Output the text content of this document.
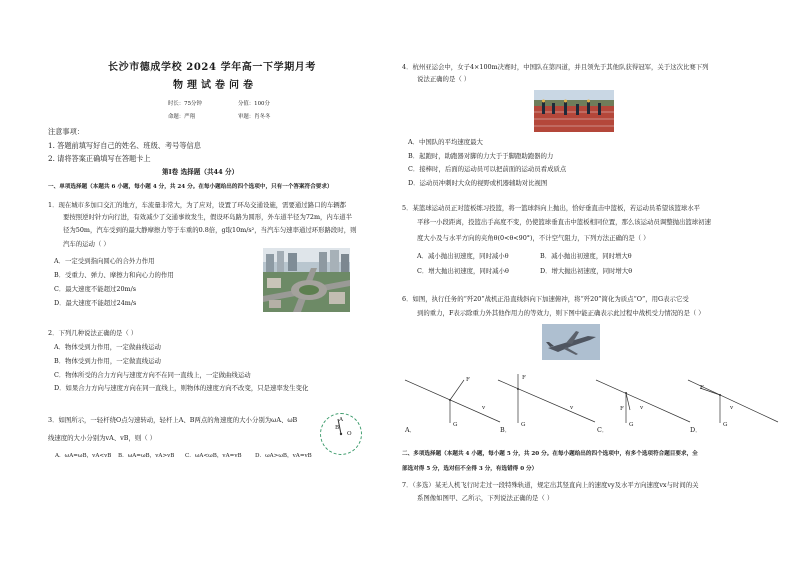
长沙市德成学校 2024 学年高一下学期月考
物理试卷问卷
时长：75分钟	分值：100分
命题：严翔	审题：肖冬冬
注意事项：
1. 答题前填写好自己的姓名、班级、考号等信息
2. 请将答案正确填写在答题卡上
第Ⅰ卷 选择题（共44 分）
一、单项选择题（本题共 6 小题，每小题 4 分，共 24 分。在每小题给出的四个选项中，只有一个答案符合要求）
1．现在城市多加口交汇的地方，车流量非常大，为了应对，设置了环岛交通设施，需要通过路口的车辆都
要按照逆时针方向行进，有效减少了交通事故发生，假设环岛路为圆形，外车道半径为72m，内车道半
径为50m，汽车受到的最大静摩擦力等于车重的0.8倍，g取10m/s²，当汽车匀速率通过环形路段时，则
汽车的运动（ ）
A．一定受到指向圆心的合外力作用
B．受重力、弹力、摩擦力和向心力的作用
C．最大速度不能超过20m/s
D．最大速度不能超过24m/s
2．下列几种说法正确的是（ ）
A．物体受到力作用，一定做曲线运动
B．物体受到力作用，一定做直线运动
C．物体所受的合力方向与速度方向不在同一直线上，一定做曲线运动
D．如果合力方向与速度方向在同一直线上，则物体的速度方向不改变，只是速率发生变化
3．如图所示，一轻杆绕O点匀速转动，轻杆上A、B两点的角速度的大小分别为ωA、ωB
线速度的大小分别为vA、vB，则（ ）
A．ωA=ωB，vA<vB B．ωA=ωB，vA>vB C．ωA<ωB，vA=vB D．ωA>ωB，vA=vB
A
B
O
4．杭州亚运会中，女子4×100m决赛时，中国队在第四道，并且领先于其他队获得冠军，关于这次比赛下列
说法正确的是（ ）
A．中国队的平均速度最大
B．起跑时，助跑器对脚的力大于于脚蹬助跑器的力
C．接棒时，后面的运动员可以把前面的运动员看成质点
D．运动员冲刺时大众的视野或机器辅助对比视图
5．某篮球运动员正对篮板练习投篮，将一篮球斜向上抛出，恰好垂直击中篮板，若运动员希望该篮球水平
平移一小段距离，投篮出手高度不变，仍使篮球垂直击中篮板相同位置，那么该运动员调整抛出篮球初速
度大小及与水平方向的夹角θ(0<θ<90°)，不计空气阻力，下列方法正确的是（ ）
A．减小抛出初速度，同时减小θ	B．减小抛出初速度，同时增大θ
C．增大抛出初速度，同时减小θ	D．增大抛出初速度，同时增大θ
6．如图，执行任务的“歼20”战机正沿直线斜向下加速俯冲，将“歼20”简化为质点“O”，用G表示它受
到的重力，F表示除重力外其他作用力的等效力，则下图中能正确表示此过程中战机受力情况的是（ ）
F	F
F
F
v	v	v	v
G	G	G	G
A．	B．	C．	D．
二、多项选择题（本题共 4 小题，每小题 5 分，共 20 分。在每小题给出的四个选项中，有多个选项符合题目要求，全
部选对得 5 分，选对但不全得 3 分，有选错得 0 分）
7．（多选）某无人机飞行时走过一段特殊轨道，规定出其竖直向上的速度vy及水平方向速度vx与时间的关
系图像如图甲、乙所示，下列说法正确的是（ ）
